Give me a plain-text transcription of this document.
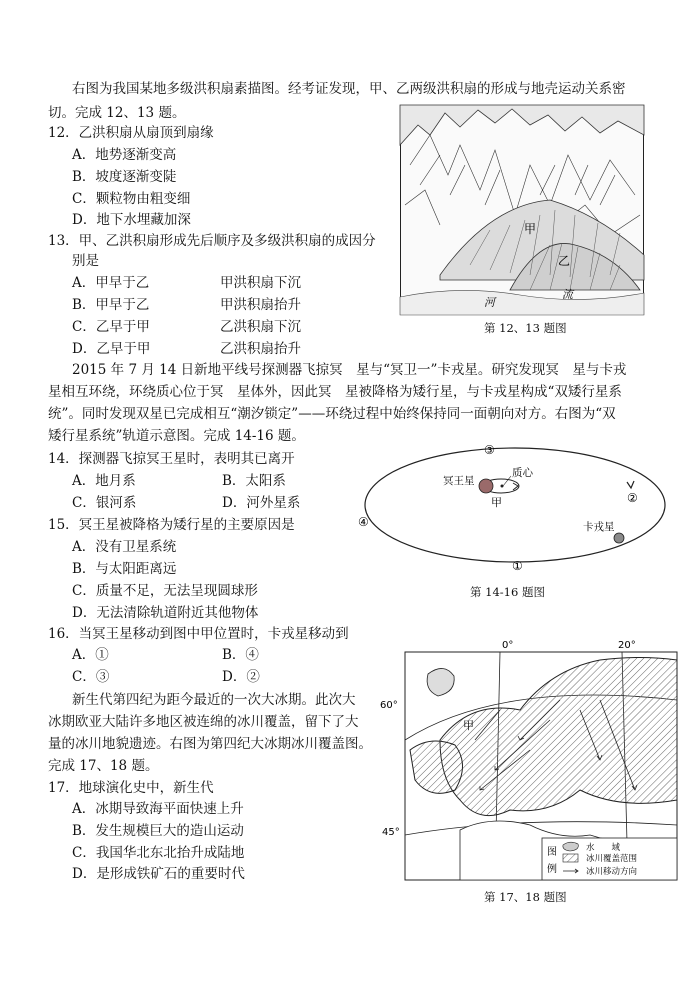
右图为我国某地多级洪积扇素描图。经考证发现，甲、乙两级洪积扇的形成与地壳运动关系密
切。完成 12、13 题。
12．乙洪积扇从扇顶到扇缘
A．地势逐渐变高
B．坡度逐渐变陡
C．颗粒物由粗变细
D．地下水埋藏加深
13．甲、乙洪积扇形成先后顺序及多级洪积扇的成因分
别是
A．甲早于乙	甲洪积扇下沉
B．甲早于乙	甲洪积扇抬升
C．乙早于甲	乙洪积扇下沉
D．乙早于甲	乙洪积扇抬升
甲
乙
河
流
第 12、13 题图
2015 年 7 月 14 日新地平线号探测器飞掠冥　星与“冥卫一”卡戎星。研究发现冥　星与卡戎
星相互环绕，环绕质心位于冥　星体外，因此冥　星被降格为矮行星，与卡戎星构成“双矮行星系
统”。同时发现双星已完成相互“潮汐锁定”——环绕过程中始终保持同一面朝向对方。右图为“双
矮行星系统”轨道示意图。完成 14-16 题。
14．探测器飞掠冥王星时，表明其已离开
A．地月系	B．太阳系
C．银河系	D．河外星系
15．冥王星被降格为矮行星的主要原因是
A．没有卫星系统
B．与太阳距离远
C．质量不足，无法呈现圆球形
D．无法清除轨道附近其他物体
16．当冥王星移动到图中甲位置时，卡戎星移动到
A．①	B．④
C．③	D．②
冥王星
质心
甲
卡戎星
③
④
①
②
第 14-16 题图
新生代第四纪为距今最近的一次大冰期。此次大
冰期欧亚大陆许多地区被连绵的冰川覆盖，留下了大
量的冰川地貌遗迹。右图为第四纪大冰期冰川覆盖图。
完成 17、18 题。
17．地球演化史中，新生代
A．冰期导致海平面快速上升
B．发生规模巨大的造山运动
C．我国华北东北抬升成陆地
D．是形成铁矿石的重要时代
0°	20°
60°
45°
甲
图
例
水　　域
冰川覆盖范围
冰川移动方向
第 17、18 题图
